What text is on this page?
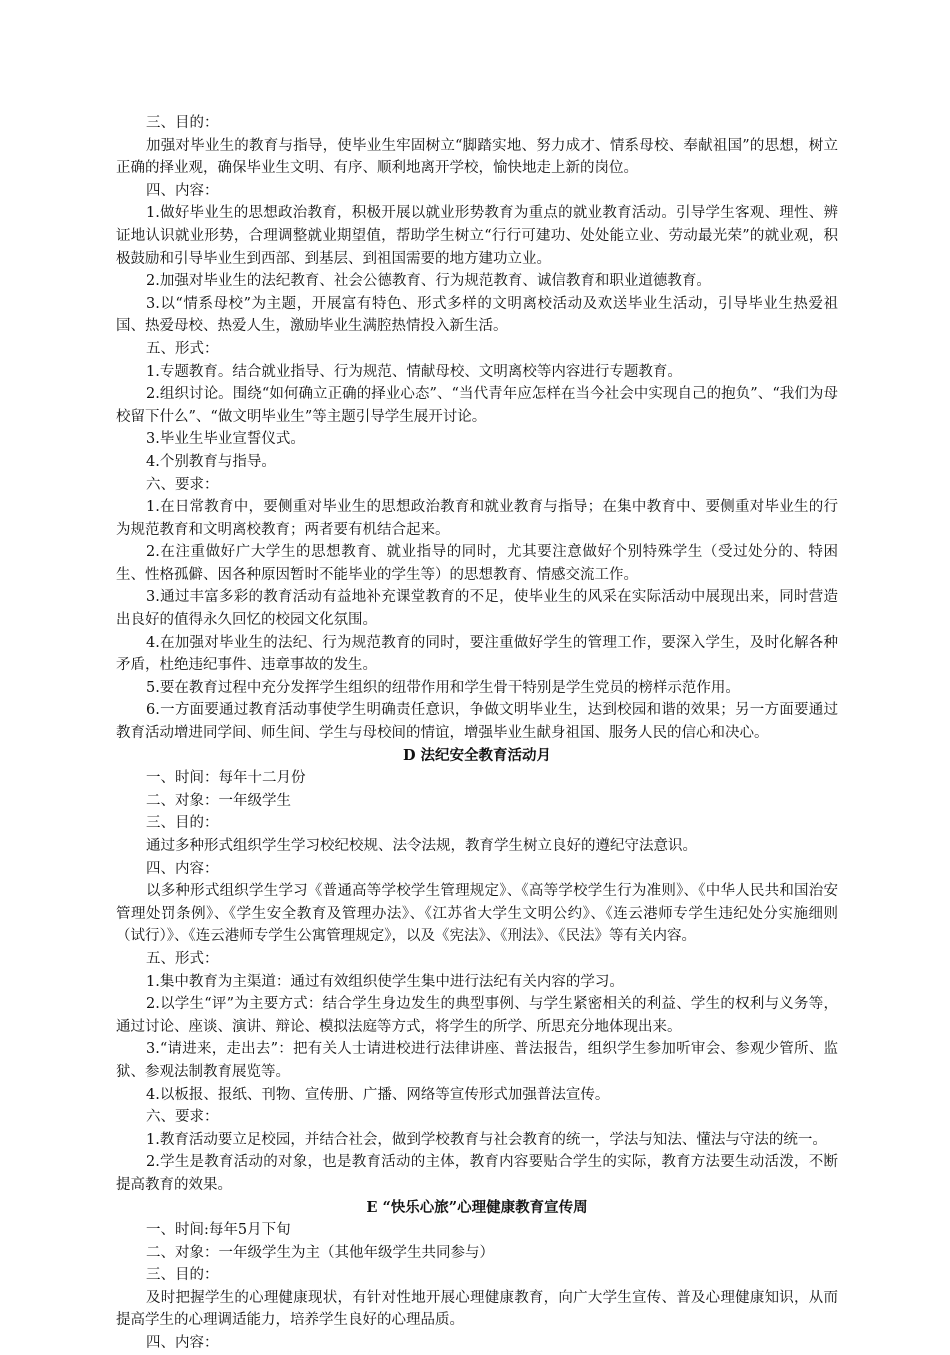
三、目的：

加强对毕业生的教育与指导，使毕业生牢固树立“脚踏实地、努力成才、情系母校、奉献祖国”的思想，树立正确的择业观，确保毕业生文明、有序、顺利地离开学校，愉快地走上新的岗位。

四、内容：

1.做好毕业生的思想政治教育，积极开展以就业形势教育为重点的就业教育活动。引导学生客观、理性、辨证地认识就业形势，合理调整就业期望值，帮助学生树立“行行可建功、处处能立业、劳动最光荣”的就业观，积极鼓励和引导毕业生到西部、到基层、到祖国需要的地方建功立业。

2.加强对毕业生的法纪教育、社会公德教育、行为规范教育、诚信教育和职业道德教育。

3.以“情系母校”为主题，开展富有特色、形式多样的文明离校活动及欢送毕业生活动，引导毕业生热爱祖国、热爱母校、热爱人生，激励毕业生满腔热情投入新生活。

五、形式：

1.专题教育。结合就业指导、行为规范、情献母校、文明离校等内容进行专题教育。

2.组织讨论。围绕“如何确立正确的择业心态”、“当代青年应怎样在当今社会中实现自己的抱负”、“我们为母校留下什么”、“做文明毕业生”等主题引导学生展开讨论。

3.毕业生毕业宣誓仪式。

4.个别教育与指导。

六、要求：

1.在日常教育中，要侧重对毕业生的思想政治教育和就业教育与指导；在集中教育中、要侧重对毕业生的行为规范教育和文明离校教育；两者要有机结合起来。

2.在注重做好广大学生的思想教育、就业指导的同时，尤其要注意做好个别特殊学生（受过处分的、特困生、性格孤僻、因各种原因暂时不能毕业的学生等）的思想教育、情感交流工作。

3.通过丰富多彩的教育活动有益地补充课堂教育的不足，使毕业生的风采在实际活动中展现出来，同时营造出良好的值得永久回忆的校园文化氛围。

4.在加强对毕业生的法纪、行为规范教育的同时，要注重做好学生的管理工作，要深入学生，及时化解各种矛盾，杜绝违纪事件、违章事故的发生。

5.要在教育过程中充分发挥学生组织的纽带作用和学生骨干特别是学生党员的榜样示范作用。

6.一方面要通过教育活动事使学生明确责任意识，争做文明毕业生，达到校园和谐的效果；另一方面要通过教育活动增进同学间、师生间、学生与母校间的情谊，增强毕业生献身祖国、服务人民的信心和决心。

D 法纪安全教育活动月

一、时间：每年十二月份

二、对象：一年级学生

三、目的：

通过多种形式组织学生学习校纪校规、法令法规，教育学生树立良好的遵纪守法意识。

四、内容：

以多种形式组织学生学习《普通高等学校学生管理规定》、《高等学校学生行为准则》、《中华人民共和国治安管理处罚条例》、《学生安全教育及管理办法》、《江苏省大学生文明公约》、《连云港师专学生违纪处分实施细则（试行）》、《连云港师专学生公寓管理规定》，以及《宪法》、《刑法》、《民法》等有关内容。

五、形式：

1.集中教育为主渠道：通过有效组织使学生集中进行法纪有关内容的学习。

2.以学生“评”为主要方式：结合学生身边发生的典型事例、与学生紧密相关的利益、学生的权利与义务等，通过讨论、座谈、演讲、辩论、模拟法庭等方式，将学生的所学、所思充分地体现出来。

3.“请进来，走出去”：把有关人士请进校进行法律讲座、普法报告，组织学生参加听审会、参观少管所、监狱、参观法制教育展览等。

4.以板报、报纸、刊物、宣传册、广播、网络等宣传形式加强普法宣传。

六、要求：

1.教育活动要立足校园，并结合社会，做到学校教育与社会教育的统一，学法与知法、懂法与守法的统一。

2.学生是教育活动的对象，也是教育活动的主体，教育内容要贴合学生的实际，教育方法要生动活泼，不断提高教育的效果。

E “快乐心旅”心理健康教育宣传周

一、时间:每年5月下旬

二、对象：一年级学生为主（其他年级学生共同参与）

三、目的：

及时把握学生的心理健康现状，有针对性地开展心理健康教育，向广大学生宣传、普及心理健康知识，从而提高学生的心理调适能力，培养学生良好的心理品质。

四、内容：
